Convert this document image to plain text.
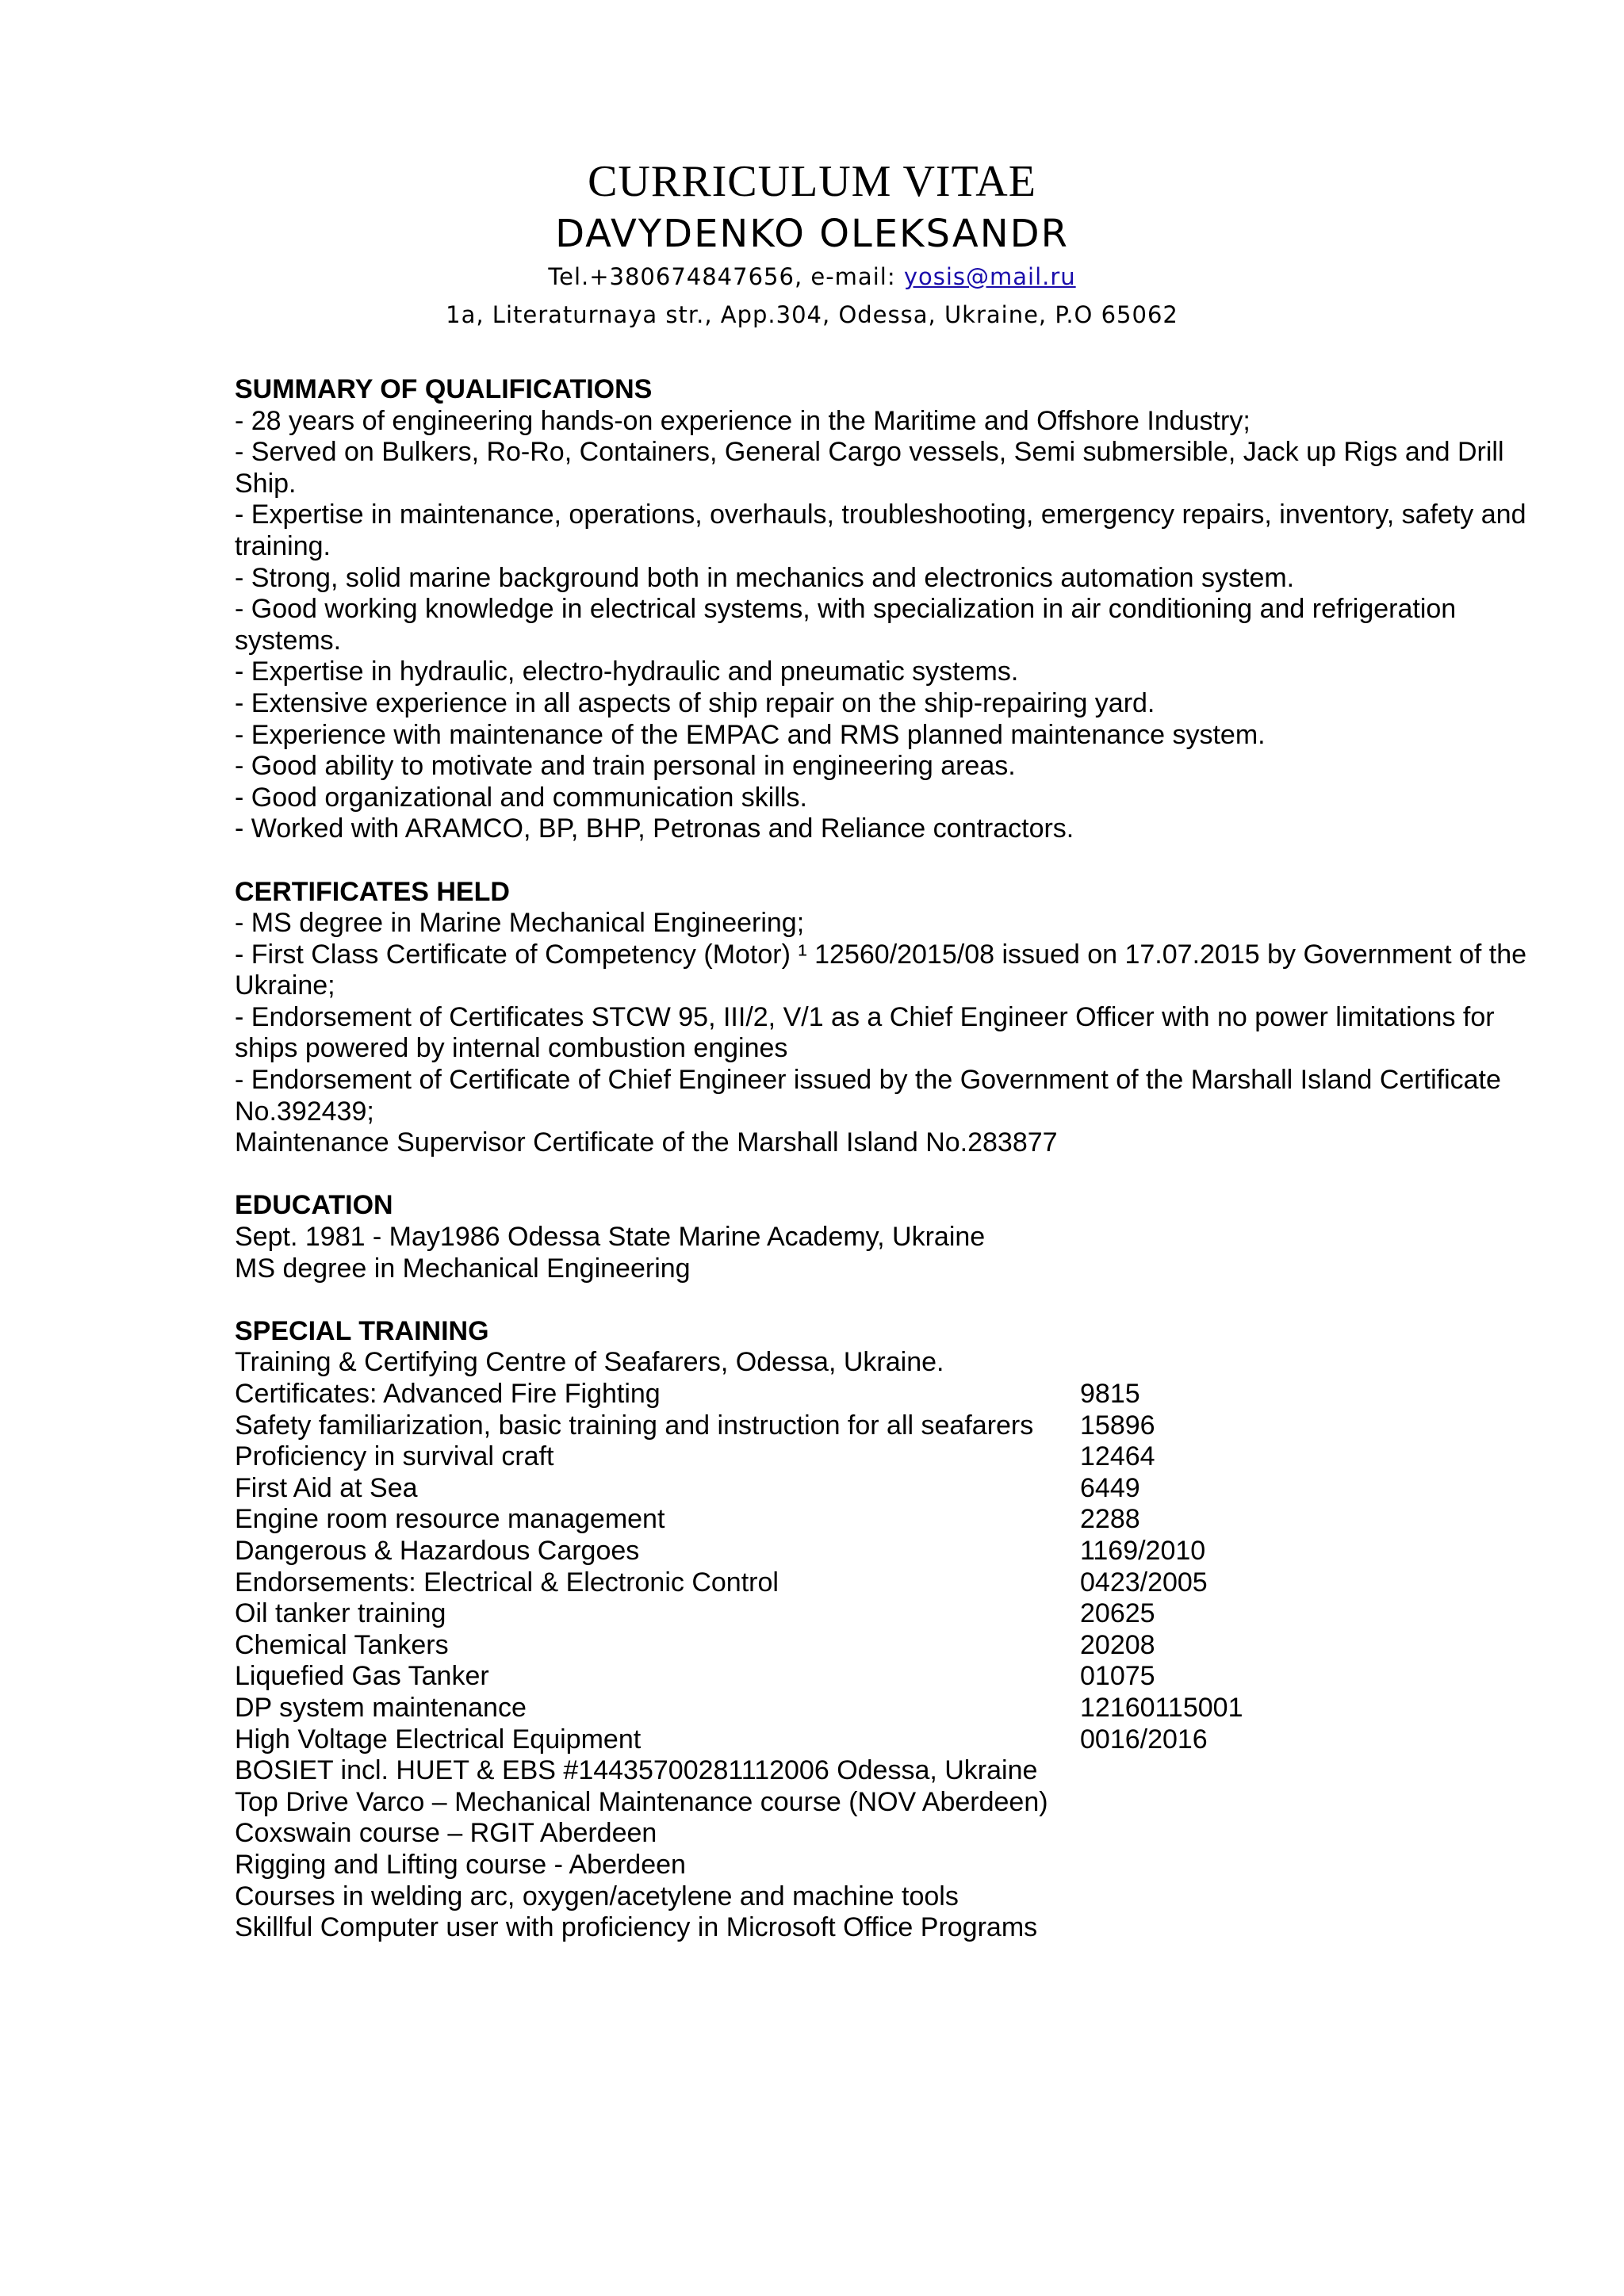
CURRICULUM VITAE
DAVYDENKO OLEKSANDR
Tel.+380674847656, e-mail: yosis@mail.ru
1a, Literaturnaya str., App.304, Odessa, Ukraine, P.O 65062
SUMMARY OF QUALIFICATIONS
- 28 years of engineering hands-on experience in the Maritime and Offshore Industry;
- Served on Bulkers, Ro-Ro, Containers, General Cargo vessels, Semi submersible, Jack up Rigs and Drill Ship.
- Expertise in maintenance, operations, overhauls, troubleshooting, emergency repairs, inventory, safety and training.
- Strong, solid marine background both in mechanics and electronics automation system.
- Good working knowledge in electrical systems, with specialization in air conditioning and refrigeration systems.
- Expertise in hydraulic, electro-hydraulic and pneumatic systems.
- Extensive experience in all aspects of ship repair on the ship-repairing yard.
- Experience with maintenance of the EMPAC and RMS planned maintenance system.
- Good ability to motivate and train personal in engineering areas.
- Good organizational and communication skills.
- Worked with ARAMCO, BP, BHP, Petronas and Reliance contractors.
CERTIFICATES HELD
- MS degree in Marine Mechanical Engineering;
- First Class Certificate of Competency (Motor) ¹ 12560/2015/08 issued on 17.07.2015 by Government of the Ukraine;
- Endorsement of Certificates STCW 95, III/2, V/1 as a Chief Engineer Officer with no power limitations for ships powered by internal combustion engines
- Endorsement of Certificate of Chief Engineer issued by the Government of the Marshall Island Certificate No.392439;
Maintenance Supervisor Certificate of the Marshall Island No.283877
EDUCATION
Sept. 1981 - May1986 Odessa State Marine Academy, Ukraine
MS degree in Mechanical Engineering
SPECIAL TRAINING
Training & Certifying Centre of Seafarers, Odessa, Ukraine.
Certificates: Advanced Fire Fighting	9815
Safety familiarization, basic training and instruction for all seafarers	15896
Proficiency in survival craft	12464
First Aid at Sea	6449
Engine room resource management	2288
Dangerous & Hazardous Cargoes	1169/2010
Endorsements: Electrical & Electronic Control	0423/2005
Oil tanker training	20625
Chemical Tankers	20208
Liquefied Gas Tanker	01075
DP system maintenance	12160115001
High Voltage Electrical Equipment	0016/2016
BOSIET incl. HUET & EBS #14435700281112006 Odessa, Ukraine
Top Drive Varco – Mechanical Maintenance course (NOV Aberdeen)
Coxswain course – RGIT Aberdeen
Rigging and Lifting course - Aberdeen
Courses in welding arc, oxygen/acetylene and machine tools
Skillful Computer user with proficiency in Microsoft Office Programs
